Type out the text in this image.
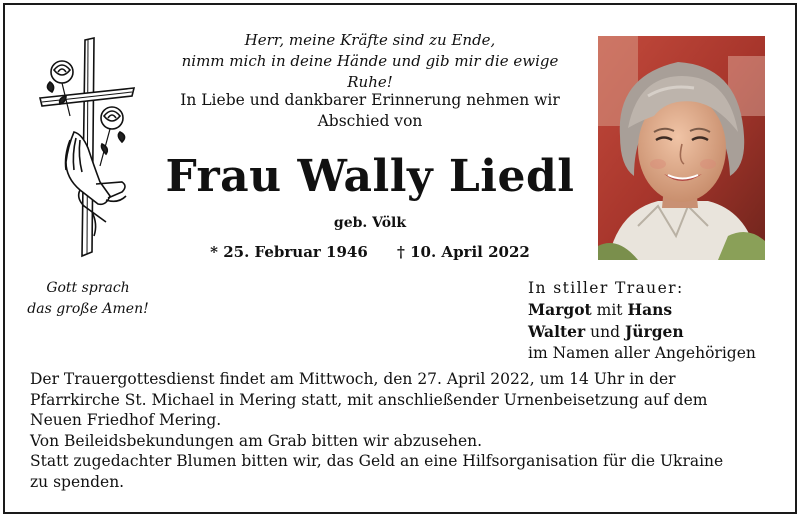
Herr, meine Kräfte sind zu Ende,
nimm mich in deine Hände und gib mir die ewige Ruhe!
In Liebe und dankbarer Erinnerung nehmen wir
Abschied von
Frau Wally Liedl
geb. Völk
* 25. Februar 1946 † 10. April 2022
Gott sprach
das große Amen!
In stiller Trauer:
Margot mit Hans
Walter und Jürgen
im Namen aller Angehörigen
Der Trauergottesdienst findet am Mittwoch, den 27. April 2022, um 14 Uhr in der
Pfarrkirche St. Michael in Mering statt, mit anschließender Urnenbeisetzung auf dem
Neuen Friedhof Mering.
Von Beileidsbekundungen am Grab bitten wir abzusehen.
Statt zugedachter Blumen bitten wir, das Geld an eine Hilfsorganisation für die Ukraine
zu spenden.
